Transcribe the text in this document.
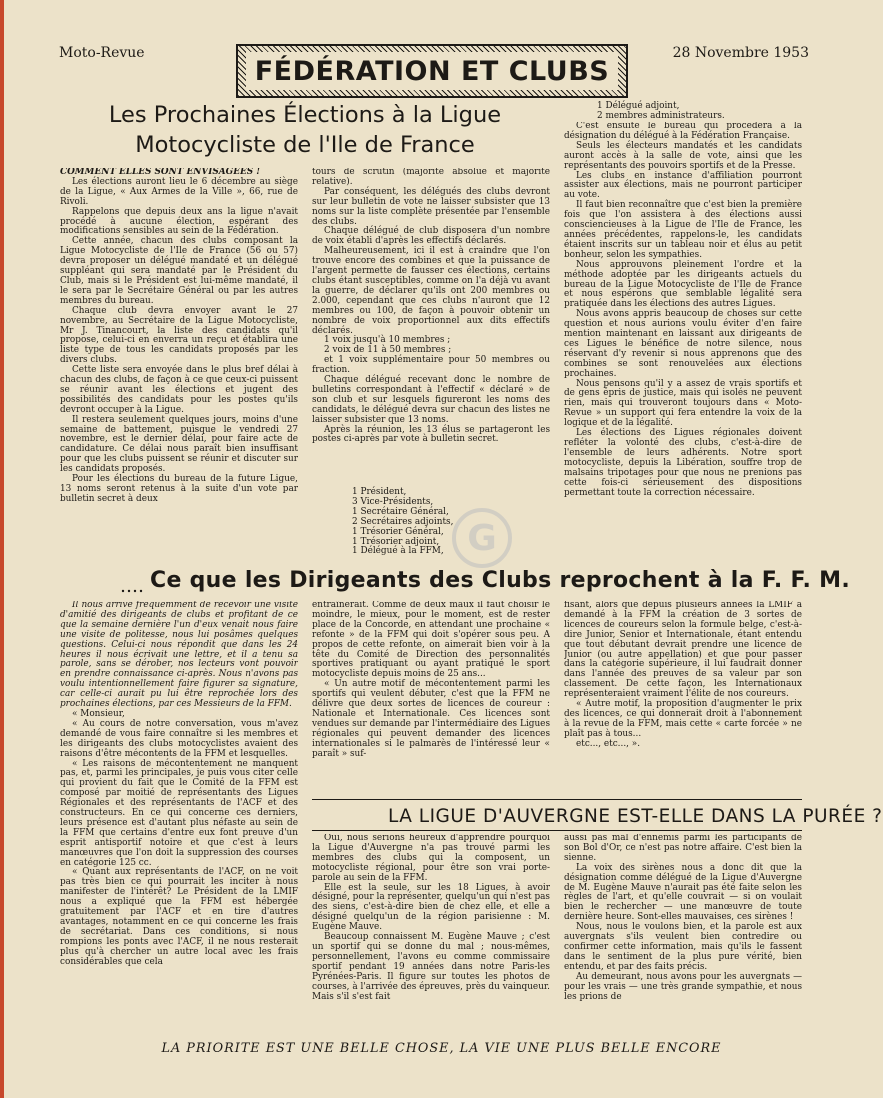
Moto-Revue
FÉDÉRATION ET CLUBS
28 Novembre 1953
Les Prochaines Élections à la Ligue
Motocycliste de l'Ile de France

COMMENT ELLES SONT ENVISAGEES !

Les élections auront lieu le 6 décembre au siège de la Ligue, « Aux Armes de la Ville », 66, rue de Rivoli.

Rappelons que depuis deux ans la ligue n'avait procédé à aucune élection, espérant des modifications sensibles au sein de la Fédération.

Cette année, chacun des clubs composant la Ligue Motocycliste de l'Ile de France (56 ou 57) devra proposer un délégué mandaté et un délégué suppléant qui sera mandaté par le Président du Club, mais si le Président est lui-même mandaté, il le sera par le Secrétaire Général ou par les autres membres du bureau.

Chaque club devra envoyer avant le 27 novembre, au Secrétaire de la Ligue Motocycliste, Mr J. Tinancourt, la liste des candidats qu'il propose, celui-ci en enverra un reçu et établira une liste type de tous les candidats proposés par les divers clubs.

Cette liste sera envoyée dans le plus bref délai à chacun des clubs, de façon à ce que ceux-ci puissent se réunir avant les élections et jugent des possibilités des candidats pour les postes qu'ils devront occuper à la Ligue.

Il restera seulement quelques jours, moins d'une semaine de battement, puisque le vendredi 27 novembre, est le dernier délai, pour faire acte de candidature. Ce délai nous paraît bien insuffisant pour que les clubs puissent se réunir et discuter sur les candidats proposés.

Pour les élections du bureau de la future Ligue, 13 noms seront retenus à la suite d'un vote par bulletin secret à deux

tours de scrutin (majorité absolue et majorité relative).

Par conséquent, les délégués des clubs devront sur leur bulletin de vote ne laisser subsister que 13 noms sur la liste complète présentée par l'ensemble des clubs.

Chaque délégué de club disposera d'un nombre de voix établi d'après les effectifs déclarés.

Malheureusement, ici il est à craindre que l'on trouve encore des combines et que la puissance de l'argent permette de fausser ces élections, certains clubs étant susceptibles, comme on l'a déjà vu avant la guerre, de déclarer qu'ils ont 200 membres ou 2.000, cependant que ces clubs n'auront que 12 membres ou 100, de façon à pouvoir obtenir un nombre de voix proportionnel aux dits effectifs déclarés.

1 voix jusqu'à 10 membres ;

2 voix de 11 à 50 membres ;

et 1 voix supplémentaire pour 50 membres ou fraction.

Chaque délégué recevant donc le nombre de bulletins correspondant à l'effectif « déclaré » de son club et sur lesquels figureront les noms des candidats, le délégué devra sur chacun des listes ne laisser subsister que 13 noms.

Après la réunion, les 13 élus se partageront les postes ci-après par vote à bulletin secret.

1 Président,
3 Vice-Présidents,
1 Secrétaire Général,
2 Secrétaires adjoints,
1 Trésorier Général,
1 Trésorier adjoint,
1 Délégué à la FFM,
1 Délégué adjoint,
2 membres administrateurs.

C'est ensuite le bureau qui procédera à la désignation du délégué à la Fédération Française.

Seuls les électeurs mandatés et les candidats auront accès à la salle de vote, ainsi que les représentants des pouvoirs sportifs et de la Presse.

Les clubs en instance d'affiliation pourront assister aux élections, mais ne pourront participer au vote.

Il faut bien reconnaître que c'est bien la première fois que l'on assistera à des élections aussi consciencieuses à la Ligue de l'Ile de France, les années précédentes, rappelons-le, les candidats étaient inscrits sur un tableau noir et élus au petit bonheur, selon les sympathies.

Nous approuvons pleinement l'ordre et la méthode adoptée par les dirigeants actuels du bureau de la Ligue Motocycliste de l'Ile de France et nous espérons que semblable légalité sera pratiquée dans les élections des autres Ligues.

Nous avons appris beaucoup de choses sur cette question et nous aurions voulu éviter d'en faire mention maintenant en laissant aux dirigeants de ces Ligues le bénéfice de notre silence, nous réservant d'y revenir si nous apprenons que des combines se sont renouvelées aux élections prochaines.

Nous pensons qu'il y a assez de vrais sportifs et de gens épris de justice, mais qui isolés ne peuvent rien, mais qui trouveront toujours dans « Moto-Revue » un support qui fera entendre la voix de la logique et de la légalité.

Les élections des Ligues régionales doivent refléter la volonté des clubs, c'est-à-dire de l'ensemble de leurs adhérents. Notre sport motocycliste, depuis la Libération, souffre trop de malsains tripotages pour que nous ne prenions pas cette fois-ci sérieusement des dispositions permettant toute la correction nécessaire.

G
Ce que les Dirigeants des Clubs reprochent à la F. F. M.

Il nous arrive fréquemment de recevoir une visite d'amitié des dirigeants de clubs et profitant de ce que la semaine dernière l'un d'eux venait nous faire une visite de politesse, nous lui posâmes quelques questions. Celui-ci nous répondit que dans les 24 heures il nous écrivait une lettre, et il a tenu sa parole, sans se dérober, nos lecteurs vont pouvoir en prendre connaissance ci-après. Nous n'avons pas voulu intentionnellement faire figurer sa signature, car celle-ci aurait pu lui être reprochée lors des prochaines élections, par ces Messieurs de la FFM.

« Monsieur,

« Au cours de notre conversation, vous m'avez demandé de vous faire connaître si les membres et les dirigeants des clubs motocyclistes avaient des raisons d'être mécontents de la FFM et lesquelles.

« Les raisons de mécontentement ne manquent pas, et, parmi les principales, je puis vous citer celle qui provient du fait que le Comité de la FFM est composé par moitié de représentants des Ligues Régionales et des représentants de l'ACF et des constructeurs. En ce qui concerne ces derniers, leurs présence est d'autant plus néfaste au sein de la FFM que certains d'entre eux font preuve d'un esprit antisportif notoire et que c'est à leurs manœuvres que l'on doit la suppression des courses en catégorie 125 cc.

« Quant aux représentants de l'ACF, on ne voit pas très bien ce qui pourrait les inciter à nous manifester de l'intérêt? Le Président de la LMIF nous a expliqué que la FFM est hébergée gratuitement par l'ACF et en tire d'autres avantages, notamment en ce qui concerne les frais de secrétariat. Dans ces conditions, si nous rompions les ponts avec l'ACF, il ne nous resterait plus qu'à chercher un autre local avec les frais considérables que cela

entraînerait. Comme de deux maux il faut choisir le moindre, le mieux, pour le moment, est de rester place de la Concorde, en attendant une prochaine « refonte » de la FFM qui doit s'opérer sous peu. A propos de cette refonte, on aimerait bien voir à la tête du Comité de Direction des personnalités sportives pratiquant ou ayant pratiqué le sport motocycliste depuis moins de 25 ans...

« Un autre motif de mécontentement parmi les sportifs qui veulent débuter, c'est que la FFM ne délivre que deux sortes de licences de coureur : Nationale et Internationale. Ces licences sont vendues sur demande par l'intermédiaire des Ligues régionales qui peuvent demander des licences internationales si le palmarès de l'intéressé leur « paraît » suf-

fisant, alors que depuis plusieurs années la LMIF a demandé à la FFM la création de 3 sortes de licences de coureurs selon la formule belge, c'est-à-dire Junior, Senior et Internationale, étant entendu que tout débutant devrait prendre une licence de Junior (ou autre appellation) et que pour passer dans la catégorie supérieure, il lui faudrait donner dans l'année des preuves de sa valeur par son classement. De cette façon, les Internationaux représenteraient vraiment l'élite de nos coureurs.

« Autre motif, la proposition d'augmenter le prix des licences, ce qui donnerait droit à l'abonnement à la revue de la FFM, mais cette « carte forcée » ne plaît pas à tous...

etc..., etc..., ».

LA LIGUE D'AUVERGNE EST-ELLE DANS LA PURÉE ?

Oui, nous serions heureux d'apprendre pourquoi la Ligue d'Auvergne n'a pas trouvé parmi les membres des clubs qui la composent, un motocycliste régional, pour être son vrai porte-parole au sein de la FFM.

Elle est la seule, sur les 18 Ligues, à avoir désigné, pour la représenter, quelqu'un qui n'est pas des siens, c'est-à-dire bien de chez elle, et elle a désigné quelqu'un de la région parisienne : M. Eugène Mauve.

Beaucoup connaissent M. Eugène Mauve ; c'est un sportif qui se donne du mal ; nous-mêmes, personnellement, l'avons eu comme commissaire sportif pendant 19 années dans notre Paris-les Pyrénées-Paris. Il figure sur toutes les photos de courses, à l'arrivée des épreuves, près du vainqueur. Mais s'il s'est fait

aussi pas mal d'ennemis parmi les participants de son Bol d'Or, ce n'est pas notre affaire. C'est bien la sienne.

La voix des sirènes nous a donc dit que la désignation comme délégué de la Ligue d'Auvergne de M. Eugène Mauve n'aurait pas été faite selon les règles de l'art, et qu'elle couvrait — si on voulait bien le rechercher — une manœuvre de toute dernière heure. Sont-elles mauvaises, ces sirènes !

Nous, nous le voulons bien, et la parole est aux auvergnats s'ils veulent bien contredire ou confirmer cette information, mais qu'ils le fassent dans le sentiment de la plus pure vérité, bien entendu, et par des faits précis.

Au demeurant, nous avons pour les auvergnats — pour les vrais — une très grande sympathie, et nous les prions de

LA PRIORITE EST UNE BELLE CHOSE, LA VIE UNE PLUS BELLE ENCORE
